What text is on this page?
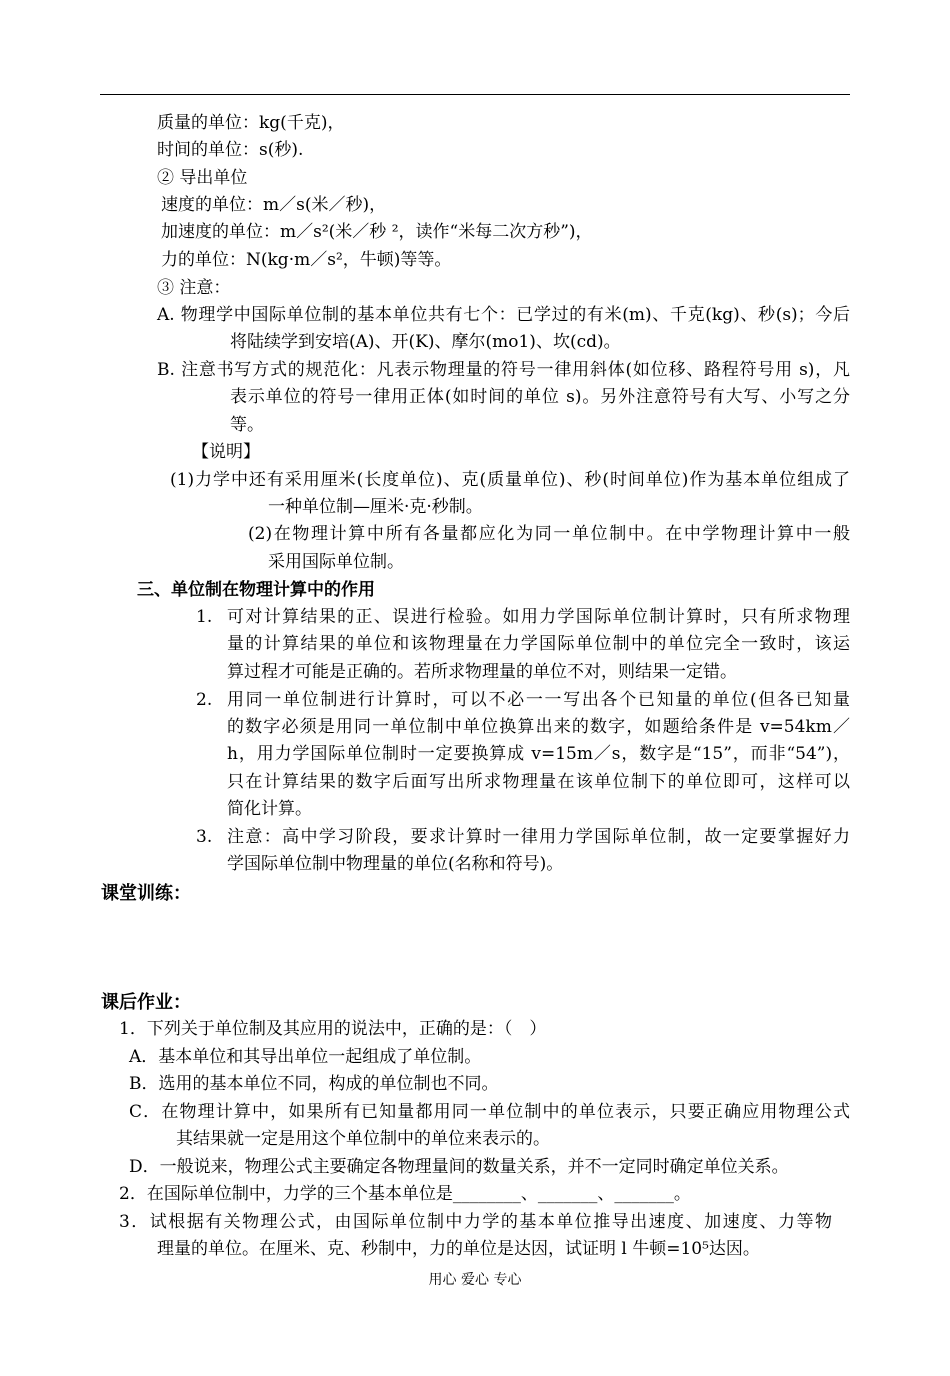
质量的单位：kg(千克)，
时间的单位：s(秒).
② 导出单位
速度的单位：m／s(米／秒)，
加速度的单位：m／s²(米／秒 ²，读作“米每二次方秒”)，
力的单位：N(kg·m／s²，牛顿)等等。
③ 注意：
A. 物理学中国际单位制的基本单位共有七个：已学过的有米(m)、千克(kg)、秒(s)；今后
将陆续学到安培(A)、开(K)、摩尔(mo1)、坎(cd)。
B. 注意书写方式的规范化：凡表示物理量的符号一律用斜体(如位移、路程符号用 s)，凡
表示单位的符号一律用正体(如时间的单位 s)。另外注意符号有大写、小写之分
等。
【说明】
(1)力学中还有采用厘米(长度单位)、克(质量单位)、秒(时间单位)作为基本单位组成了
一种单位制—厘米·克·秒制。
(2)在物理计算中所有各量都应化为同一单位制中。在中学物理计算中一般
采用国际单位制。
三、单位制在物理计算中的作用
1. 可对计算结果的正、误进行检验。如用力学国际单位制计算时，只有所求物理
量的计算结果的单位和该物理量在力学国际单位制中的单位完全一致时，该运
算过程才可能是正确的。若所求物理量的单位不对，则结果一定错。
2. 用同一单位制进行计算时，可以不必一一写出各个已知量的单位(但各已知量
的数字必须是用同一单位制中单位换算出来的数字，如题给条件是 v=54km／
h，用力学国际单位制时一定要换算成 v=15m／s，数字是“15”，而非“54”)，
只在计算结果的数字后面写出所求物理量在该单位制下的单位即可，这样可以
简化计算。
3. 注意：高中学习阶段，要求计算时一律用力学国际单位制，故一定要掌握好力
学国际单位制中物理量的单位(名称和符号)。
课堂训练：
课后作业：
1．下列关于单位制及其应用的说法中，正确的是：（　）
A．基本单位和其导出单位一起组成了单位制。
B．选用的基本单位不同，构成的单位制也不同。
C．在物理计算中，如果所有已知量都用同一单位制中的单位表示，只要正确应用物理公式
其结果就一定是用这个单位制中的单位来表示的。
D．一般说来，物理公式主要确定各物理量间的数量关系，并不一定同时确定单位关系。
2．在国际单位制中，力学的三个基本单位是________、_______、_______。
3．试根据有关物理公式，由国际单位制中力学的基本单位推导出速度、加速度、力等物
理量的单位。在厘米、克、秒制中，力的单位是达因，试证明 l 牛顿=10⁵达因。
用心 爱心 专心
